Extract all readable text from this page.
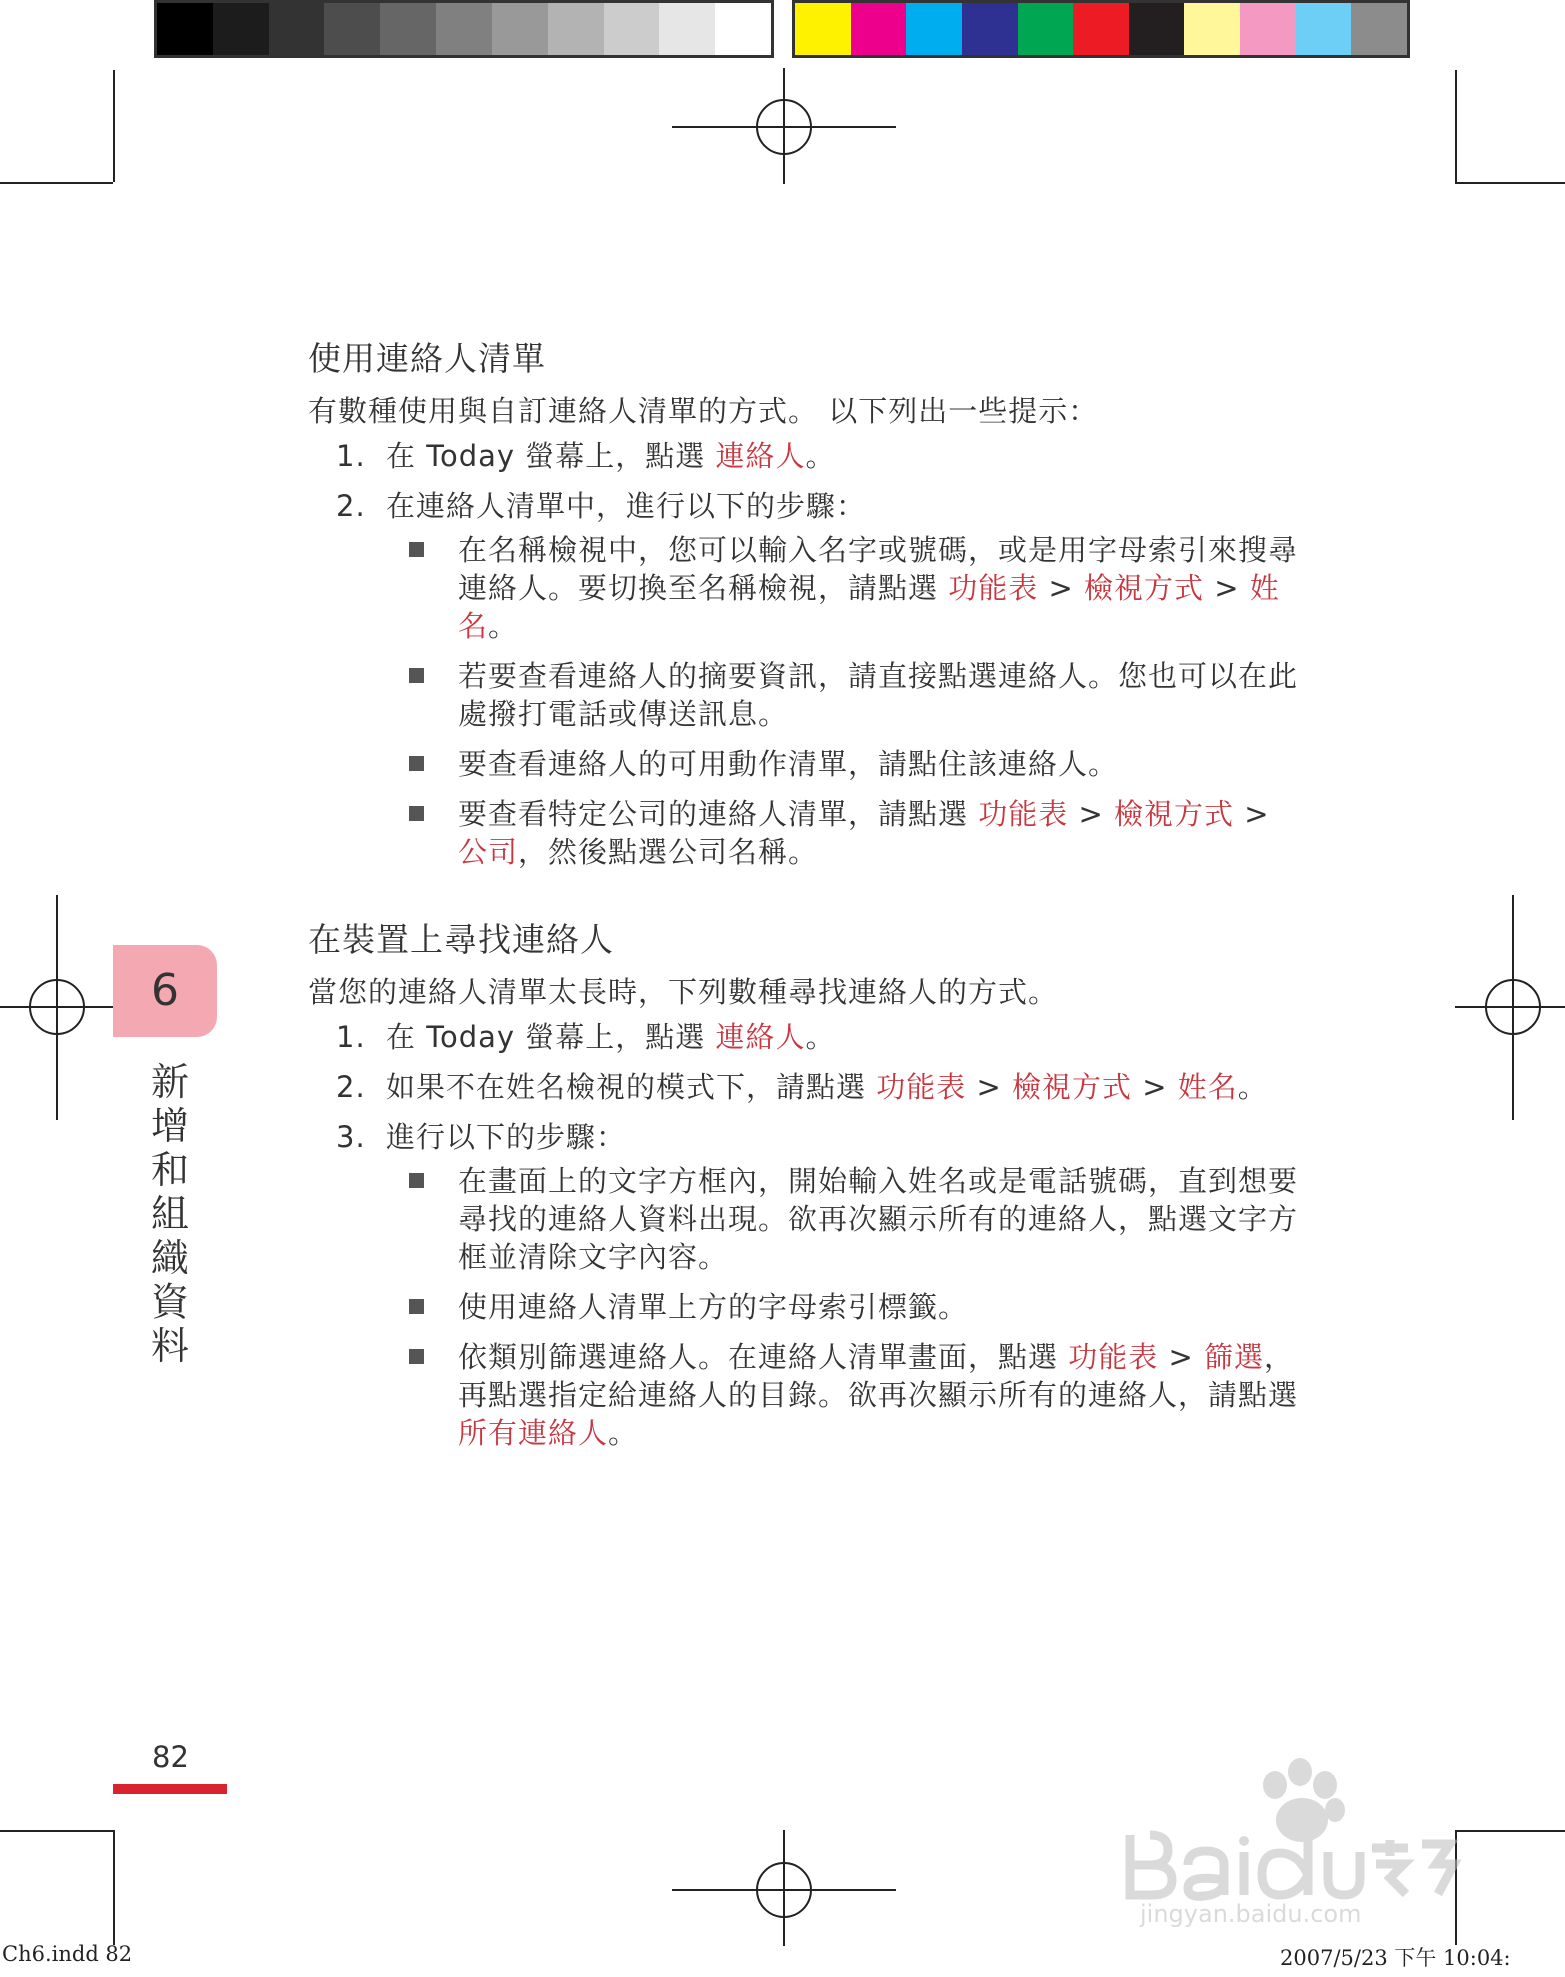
使用連絡人清單

有數種使用與自訂連絡人清單的方式。 以下列出一些提示：

1. 在 Today 螢幕上，點選 連絡人。
2. 在連絡人清單中，進行以下的步驟：
在名稱檢視中，您可以輸入名字或號碼，或是用字母索引來搜尋連絡人。要切換至名稱檢視，請點選 功能表 > 檢視方式 > 姓名。
若要查看連絡人的摘要資訊，請直接點選連絡人。您也可以在此處撥打電話或傳送訊息。
要查看連絡人的可用動作清單，請點住該連絡人。
要查看特定公司的連絡人清單，請點選 功能表 > 檢視方式 > 公司，然後點選公司名稱。
在裝置上尋找連絡人

當您的連絡人清單太長時，下列數種尋找連絡人的方式。

1. 在 Today 螢幕上，點選 連絡人。
2. 如果不在姓名檢視的模式下，請點選 功能表 > 檢視方式 > 姓名。
3. 進行以下的步驟：
在畫面上的文字方框內，開始輸入姓名或是電話號碼，直到想要尋找的連絡人資料出現。欲再次顯示所有的連絡人，點選文字方框並清除文字內容。
使用連絡人清單上方的字母索引標籤。
依類別篩選連絡人。在連絡人清單畫面，點選 功能表 > 篩選，再點選指定給連絡人的目錄。欲再次顯示所有的連絡人，請點選 所有連絡人。
6
新
增
和
組
織
資
料
82
jingyan.baidu.com
Ch6.indd 82	2007/5/23 下午 10:04:
